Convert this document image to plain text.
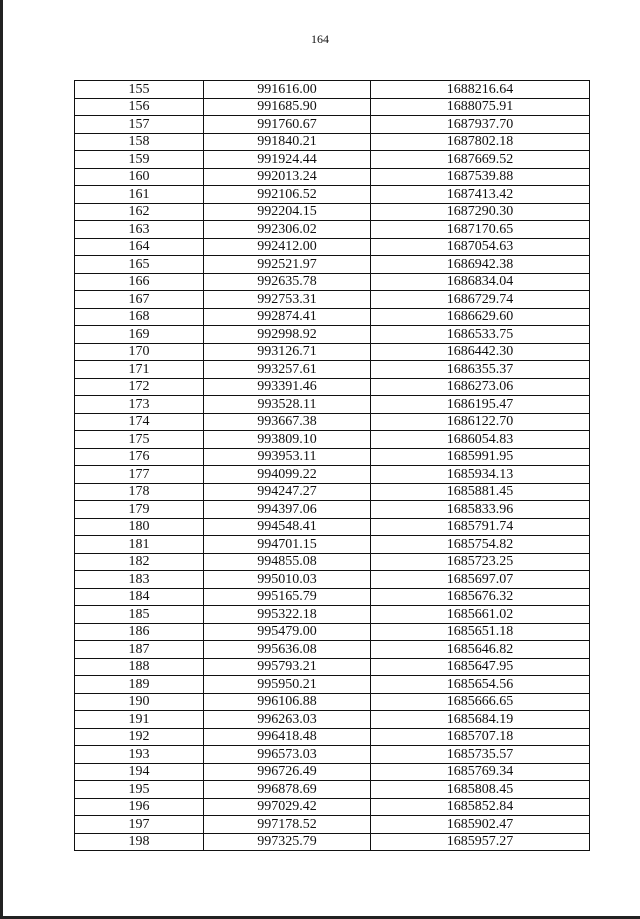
164
155	991616.00	1688216.64
156	991685.90	1688075.91
157	991760.67	1687937.70
158	991840.21	1687802.18
159	991924.44	1687669.52
160	992013.24	1687539.88
161	992106.52	1687413.42
162	992204.15	1687290.30
163	992306.02	1687170.65
164	992412.00	1687054.63
165	992521.97	1686942.38
166	992635.78	1686834.04
167	992753.31	1686729.74
168	992874.41	1686629.60
169	992998.92	1686533.75
170	993126.71	1686442.30
171	993257.61	1686355.37
172	993391.46	1686273.06
173	993528.11	1686195.47
174	993667.38	1686122.70
175	993809.10	1686054.83
176	993953.11	1685991.95
177	994099.22	1685934.13
178	994247.27	1685881.45
179	994397.06	1685833.96
180	994548.41	1685791.74
181	994701.15	1685754.82
182	994855.08	1685723.25
183	995010.03	1685697.07
184	995165.79	1685676.32
185	995322.18	1685661.02
186	995479.00	1685651.18
187	995636.08	1685646.82
188	995793.21	1685647.95
189	995950.21	1685654.56
190	996106.88	1685666.65
191	996263.03	1685684.19
192	996418.48	1685707.18
193	996573.03	1685735.57
194	996726.49	1685769.34
195	996878.69	1685808.45
196	997029.42	1685852.84
197	997178.52	1685902.47
198	997325.79	1685957.27
